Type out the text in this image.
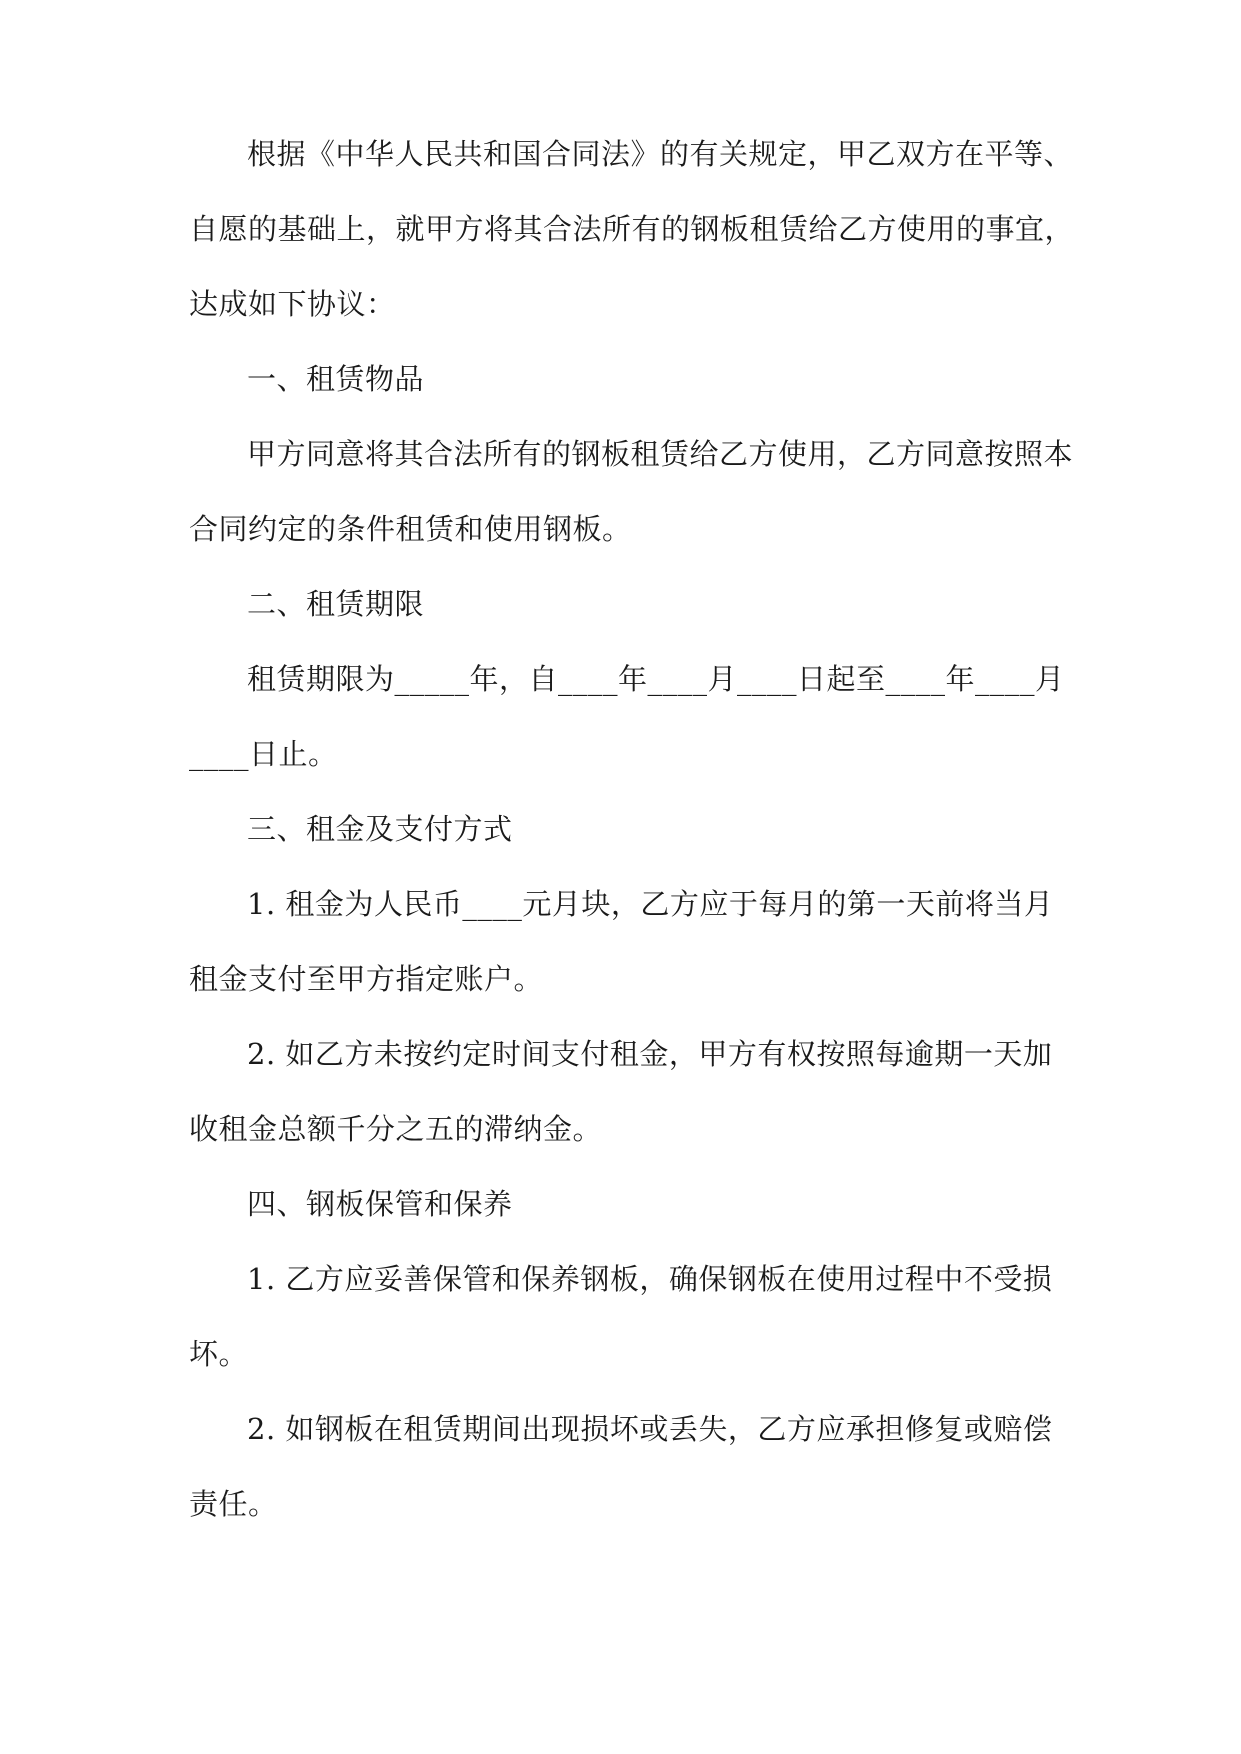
根据《中华人民共和国合同法》的有关规定，甲乙双方在平等、
自愿的基础上，就甲方将其合法所有的钢板租赁给乙方使用的事宜，
达成如下协议：
一、租赁物品
甲方同意将其合法所有的钢板租赁给乙方使用，乙方同意按照本
合同约定的条件租赁和使用钢板。
二、租赁期限
租赁期限为_____年，自____年____月____日起至____年____月
____日止。
三、租金及支付方式
1. 租金为人民币____元月块，乙方应于每月的第一天前将当月
租金支付至甲方指定账户。
2. 如乙方未按约定时间支付租金，甲方有权按照每逾期一天加
收租金总额千分之五的滞纳金。
四、钢板保管和保养
1. 乙方应妥善保管和保养钢板，确保钢板在使用过程中不受损
坏。
2. 如钢板在租赁期间出现损坏或丢失，乙方应承担修复或赔偿
责任。
